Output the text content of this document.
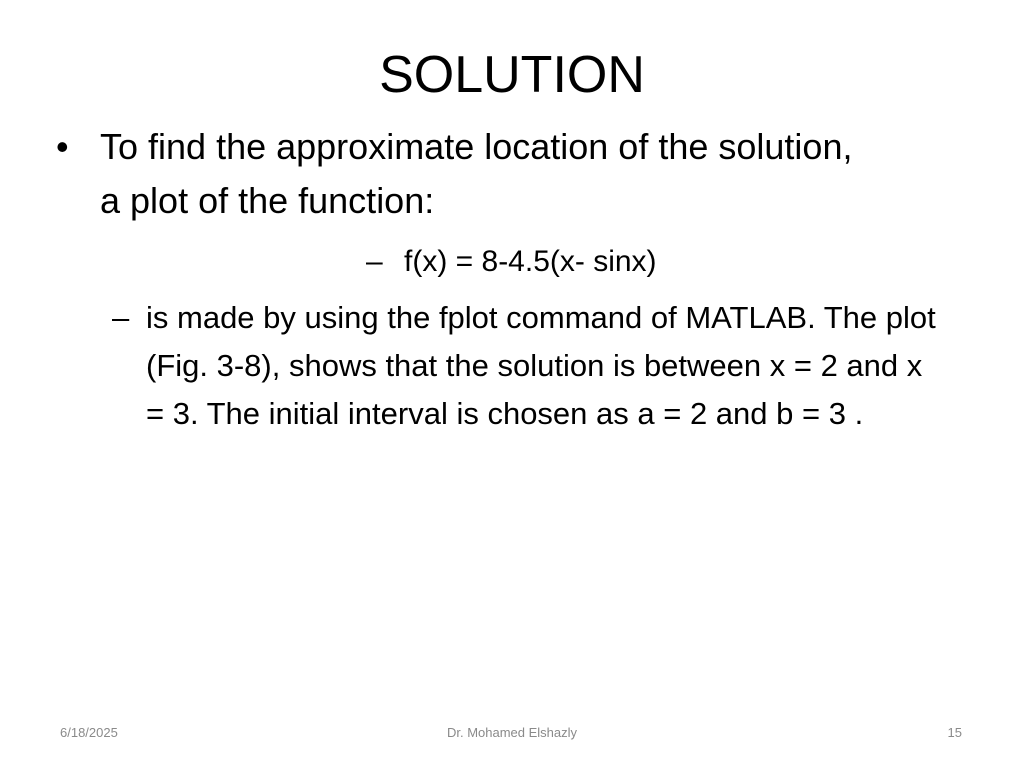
SOLUTION
• To find the approximate location of the solution, a plot of the function:
– f(x) = 8-4.5(x- sinx)
– is made by using the fplot command of MATLAB. The plot (Fig. 3-8), shows that the solution is between x = 2 and x = 3. The initial interval is chosen as a = 2 and b = 3 .
6/18/2025	Dr. Mohamed Elshazly	15
